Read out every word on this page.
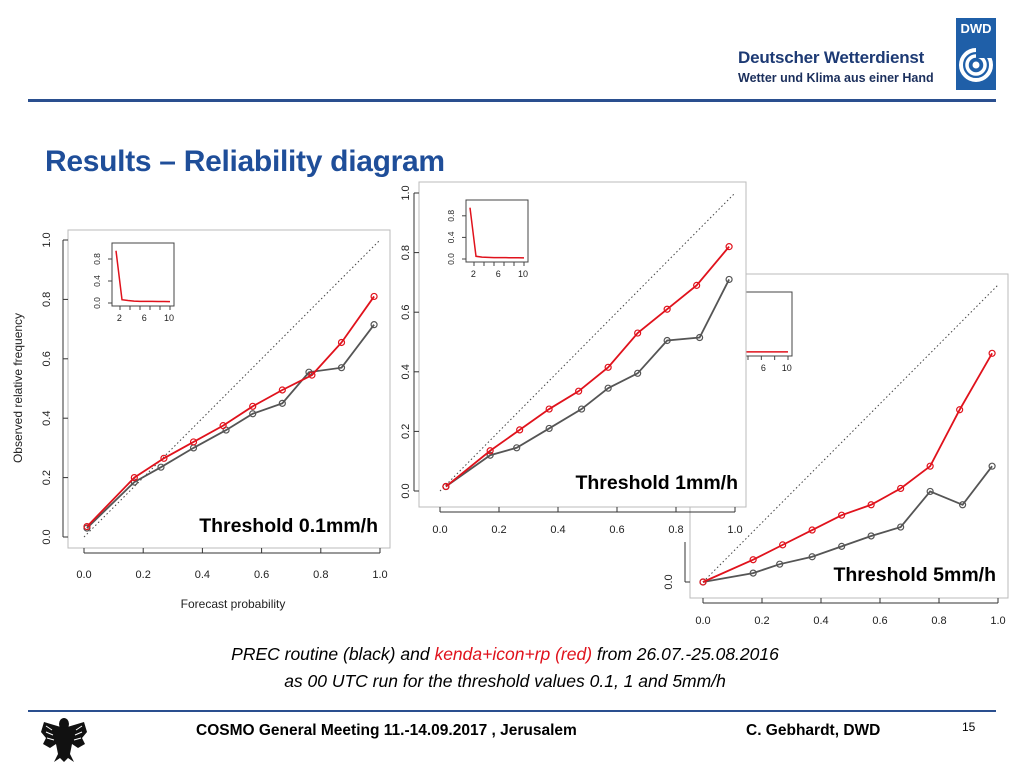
Deutscher Wetterdienst
Wetter und Klima aus einer Hand
DWD
Results – Reliability diagram
0.0	0.2	0.4	0.6	0.8	1.0
0.0
6 10
Threshold 5mm/h
0.0	0.2	0.4	0.6	0.8	1.0
0.0
0.2
0.4
0.6
0.8
1.0
2 6 10
0.0
0.4
0.8
Threshold 1mm/h
0.0	0.2	0.4	0.6	0.8	1.0
0.0
0.2
0.4
0.6
0.8
1.0
2 6 10
0.0
0.4
0.8
Threshold 0.1mm/h
Forecast probability
Observed relative frequency
PREC routine (black) and kenda+icon+rp (red) from 26.07.-25.08.2016
as 00 UTC run for the threshold values 0.1, 1 and 5mm/h
COSMO General Meeting 11.-14.09.2017 , Jerusalem	C. Gebhardt, DWD	15
